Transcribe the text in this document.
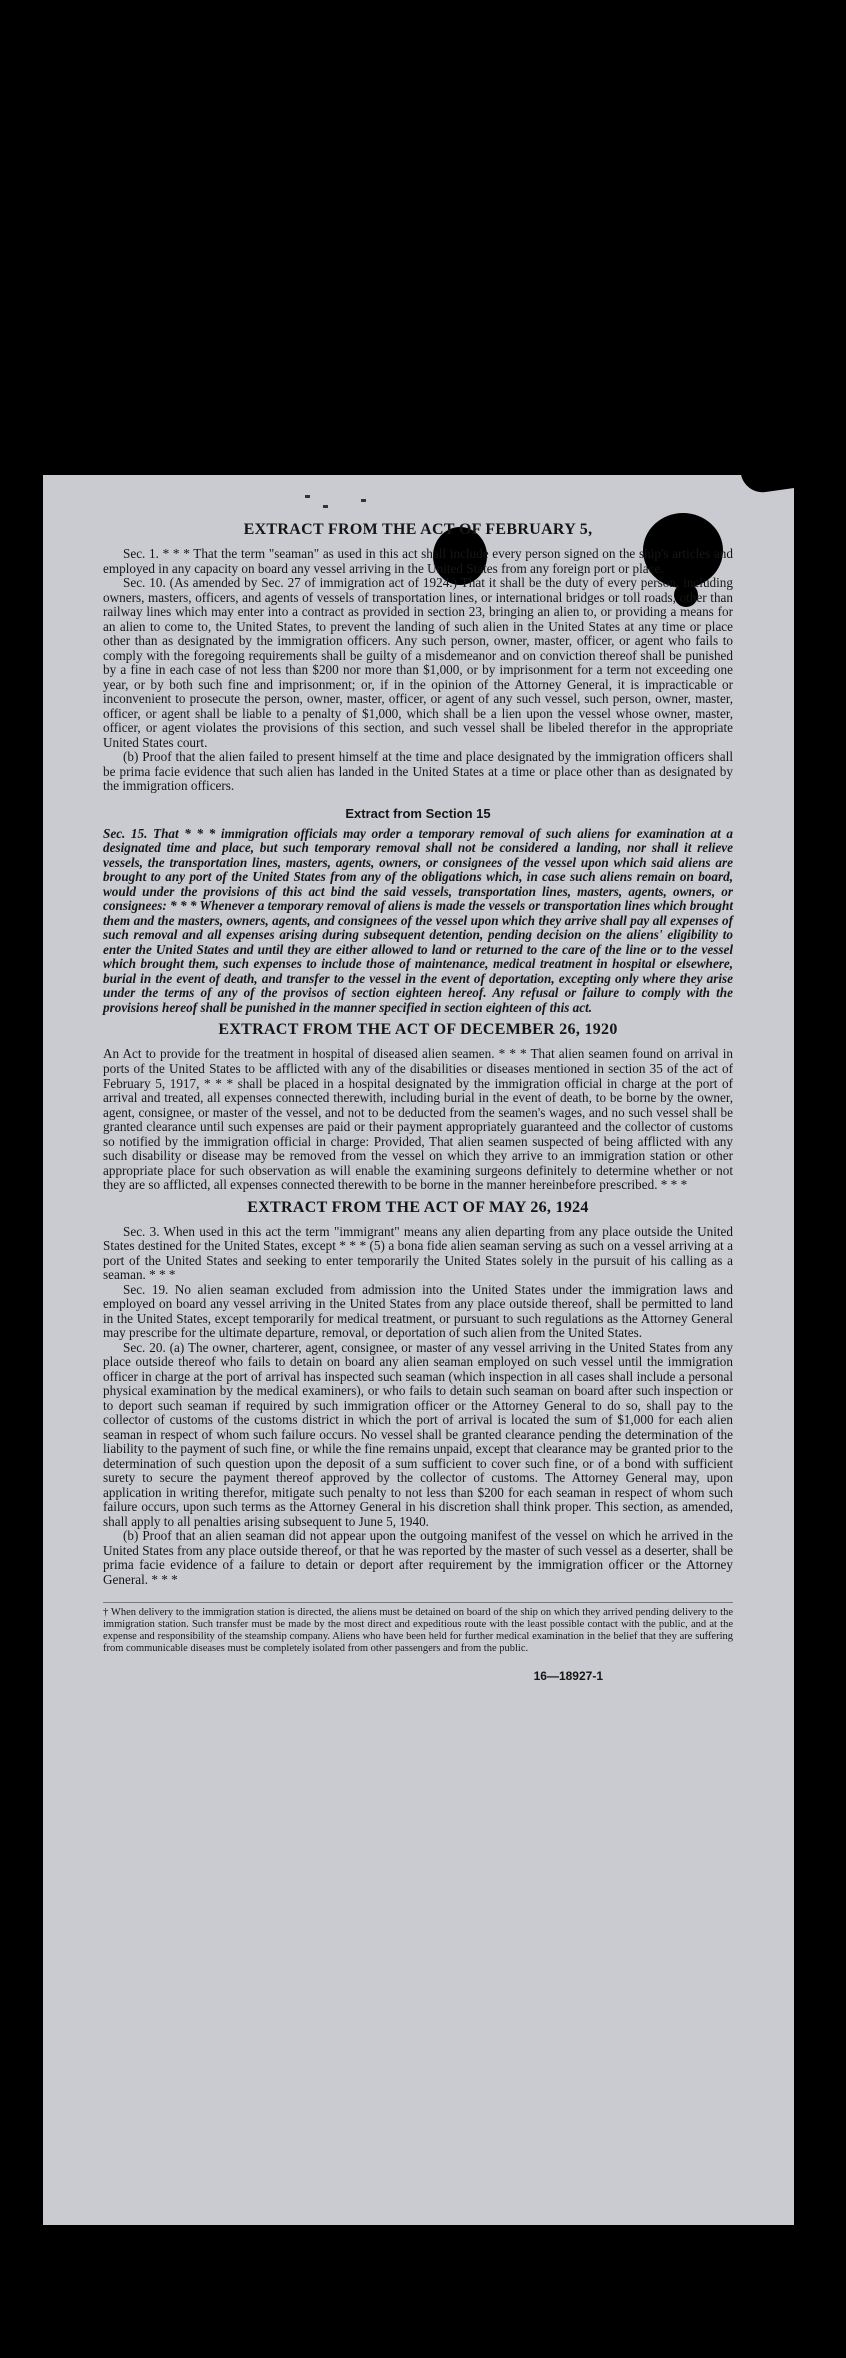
EXTRACT FROM THE ACT OF FEBRUARY 5,

Sec. 1. * * * That the term "seaman" as used in this act shall include every person signed on the ship's articles and employed in any capacity on board any vessel arriving in the United States from any foreign port or place.

Sec. 10. (As amended by Sec. 27 of immigration act of 1924.) That it shall be the duty of every person, including owners, masters, officers, and agents of vessels of transportation lines, or international bridges or toll roads, other than railway lines which may enter into a contract as provided in section 23, bringing an alien to, or providing a means for an alien to come to, the United States, to prevent the landing of such alien in the United States at any time or place other than as designated by the immigration officers. Any such person, owner, master, officer, or agent who fails to comply with the foregoing requirements shall be guilty of a misdemeanor and on conviction thereof shall be punished by a fine in each case of not less than $200 nor more than $1,000, or by imprisonment for a term not exceeding one year, or by both such fine and imprisonment; or, if in the opinion of the Attorney General, it is impracticable or inconvenient to prosecute the person, owner, master, officer, or agent of any such vessel, such person, owner, master, officer, or agent shall be liable to a penalty of $1,000, which shall be a lien upon the vessel whose owner, master, officer, or agent violates the provisions of this section, and such vessel shall be libeled therefor in the appropriate United States court.

(b) Proof that the alien failed to present himself at the time and place designated by the immigration officers shall be prima facie evidence that such alien has landed in the United States at a time or place other than as designated by the immigration officers.

Extract from Section 15

Sec. 15. That * * * immigration officials may order a temporary removal of such aliens for examination at a designated time and place, but such temporary removal shall not be considered a landing, nor shall it relieve vessels, the transportation lines, masters, agents, owners, or consignees of the vessel upon which said aliens are brought to any port of the United States from any of the obligations which, in case such aliens remain on board, would under the provisions of this act bind the said vessels, transportation lines, masters, agents, owners, or consignees: * * * Whenever a temporary removal of aliens is made the vessels or transportation lines which brought them and the masters, owners, agents, and consignees of the vessel upon which they arrive shall pay all expenses of such removal and all expenses arising during subsequent detention, pending decision on the aliens' eligibility to enter the United States and until they are either allowed to land or returned to the care of the line or to the vessel which brought them, such expenses to include those of maintenance, medical treatment in hospital or elsewhere, burial in the event of death, and transfer to the vessel in the event of deportation, excepting only where they arise under the terms of any of the provisos of section eighteen hereof. Any refusal or failure to comply with the provisions hereof shall be punished in the manner specified in section eighteen of this act.

EXTRACT FROM THE ACT OF DECEMBER 26, 1920

An Act to provide for the treatment in hospital of diseased alien seamen. * * * That alien seamen found on arrival in ports of the United States to be afflicted with any of the disabilities or diseases mentioned in section 35 of the act of February 5, 1917, * * * shall be placed in a hospital designated by the immigration official in charge at the port of arrival and treated, all expenses connected therewith, including burial in the event of death, to be borne by the owner, agent, consignee, or master of the vessel, and not to be deducted from the seamen's wages, and no such vessel shall be granted clearance until such expenses are paid or their payment appropriately guaranteed and the collector of customs so notified by the immigration official in charge: Provided, That alien seamen suspected of being afflicted with any such disability or disease may be removed from the vessel on which they arrive to an immigration station or other appropriate place for such observation as will enable the examining surgeons definitely to determine whether or not they are so afflicted, all expenses connected therewith to be borne in the manner hereinbefore prescribed. * * *

EXTRACT FROM THE ACT OF MAY 26, 1924

Sec. 3. When used in this act the term "immigrant" means any alien departing from any place outside the United States destined for the United States, except * * * (5) a bona fide alien seaman serving as such on a vessel arriving at a port of the United States and seeking to enter temporarily the United States solely in the pursuit of his calling as a seaman. * * *

Sec. 19. No alien seaman excluded from admission into the United States under the immigration laws and employed on board any vessel arriving in the United States from any place outside thereof, shall be permitted to land in the United States, except temporarily for medical treatment, or pursuant to such regulations as the Attorney General may prescribe for the ultimate departure, removal, or deportation of such alien from the United States.

Sec. 20. (a) The owner, charterer, agent, consignee, or master of any vessel arriving in the United States from any place outside thereof who fails to detain on board any alien seaman employed on such vessel until the immigration officer in charge at the port of arrival has inspected such seaman (which inspection in all cases shall include a personal physical examination by the medical examiners), or who fails to detain such seaman on board after such inspection or to deport such seaman if required by such immigration officer or the Attorney General to do so, shall pay to the collector of customs of the customs district in which the port of arrival is located the sum of $1,000 for each alien seaman in respect of whom such failure occurs. No vessel shall be granted clearance pending the determination of the liability to the payment of such fine, or while the fine remains unpaid, except that clearance may be granted prior to the determination of such question upon the deposit of a sum sufficient to cover such fine, or of a bond with sufficient surety to secure the payment thereof approved by the collector of customs. The Attorney General may, upon application in writing therefor, mitigate such penalty to not less than $200 for each seaman in respect of whom such failure occurs, upon such terms as the Attorney General in his discretion shall think proper. This section, as amended, shall apply to all penalties arising subsequent to June 5, 1940.

(b) Proof that an alien seaman did not appear upon the outgoing manifest of the vessel on which he arrived in the United States from any place outside thereof, or that he was reported by the master of such vessel as a deserter, shall be prima facie evidence of a failure to detain or deport after requirement by the immigration officer or the Attorney General. * * *

† When delivery to the immigration station is directed, the aliens must be detained on board of the ship on which they arrived pending delivery to the immigration station. Such transfer must be made by the most direct and expeditious route with the least possible contact with the public, and at the expense and responsibility of the steamship company. Aliens who have been held for further medical examination in the belief that they are suffering from communicable diseases must be completely isolated from other passengers and from the public.
16—18927-1
